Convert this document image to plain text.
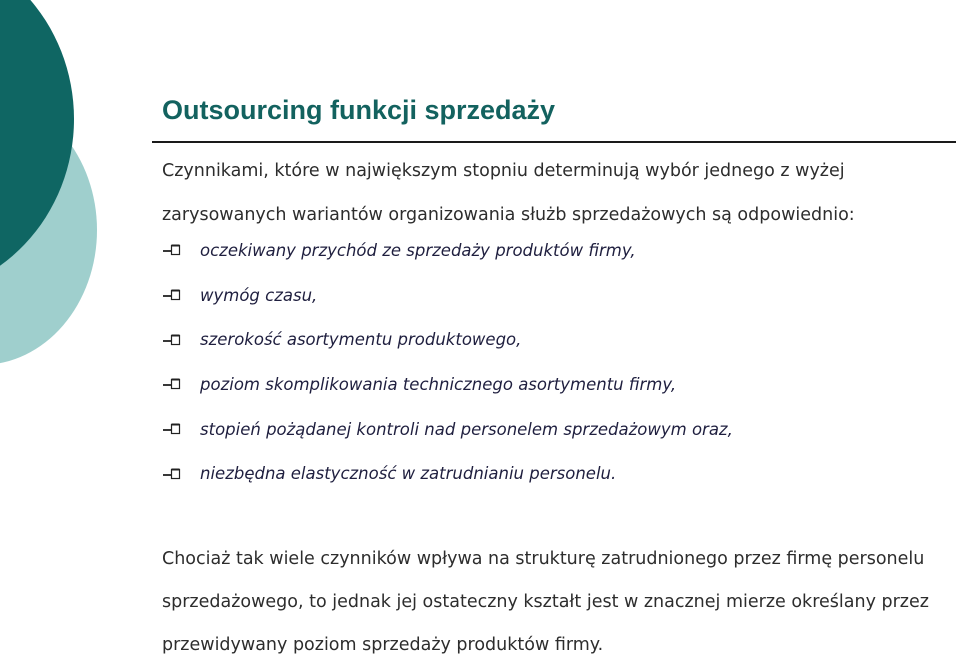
Outsourcing funkcji sprzedaży

Czynnikami, które w największym stopniu determinują wybór jednego z wyżej zarysowanych wariantów organizowania służb sprzedażowych są odpowiednio:

oczekiwany przychód ze sprzedaży produktów firmy,
wymóg czasu,
szerokość asortymentu produktowego,
poziom skomplikowania technicznego asortymentu firmy,
stopień pożądanej kontroli nad personelem sprzedażowym oraz,
niezbędna elastyczność w zatrudnianiu personelu.

Chociaż tak wiele czynników wpływa na strukturę zatrudnionego przez firmę personelu sprzedażowego, to jednak jej ostateczny kształt jest w znacznej mierze określany przez przewidywany poziom sprzedaży produktów firmy.
